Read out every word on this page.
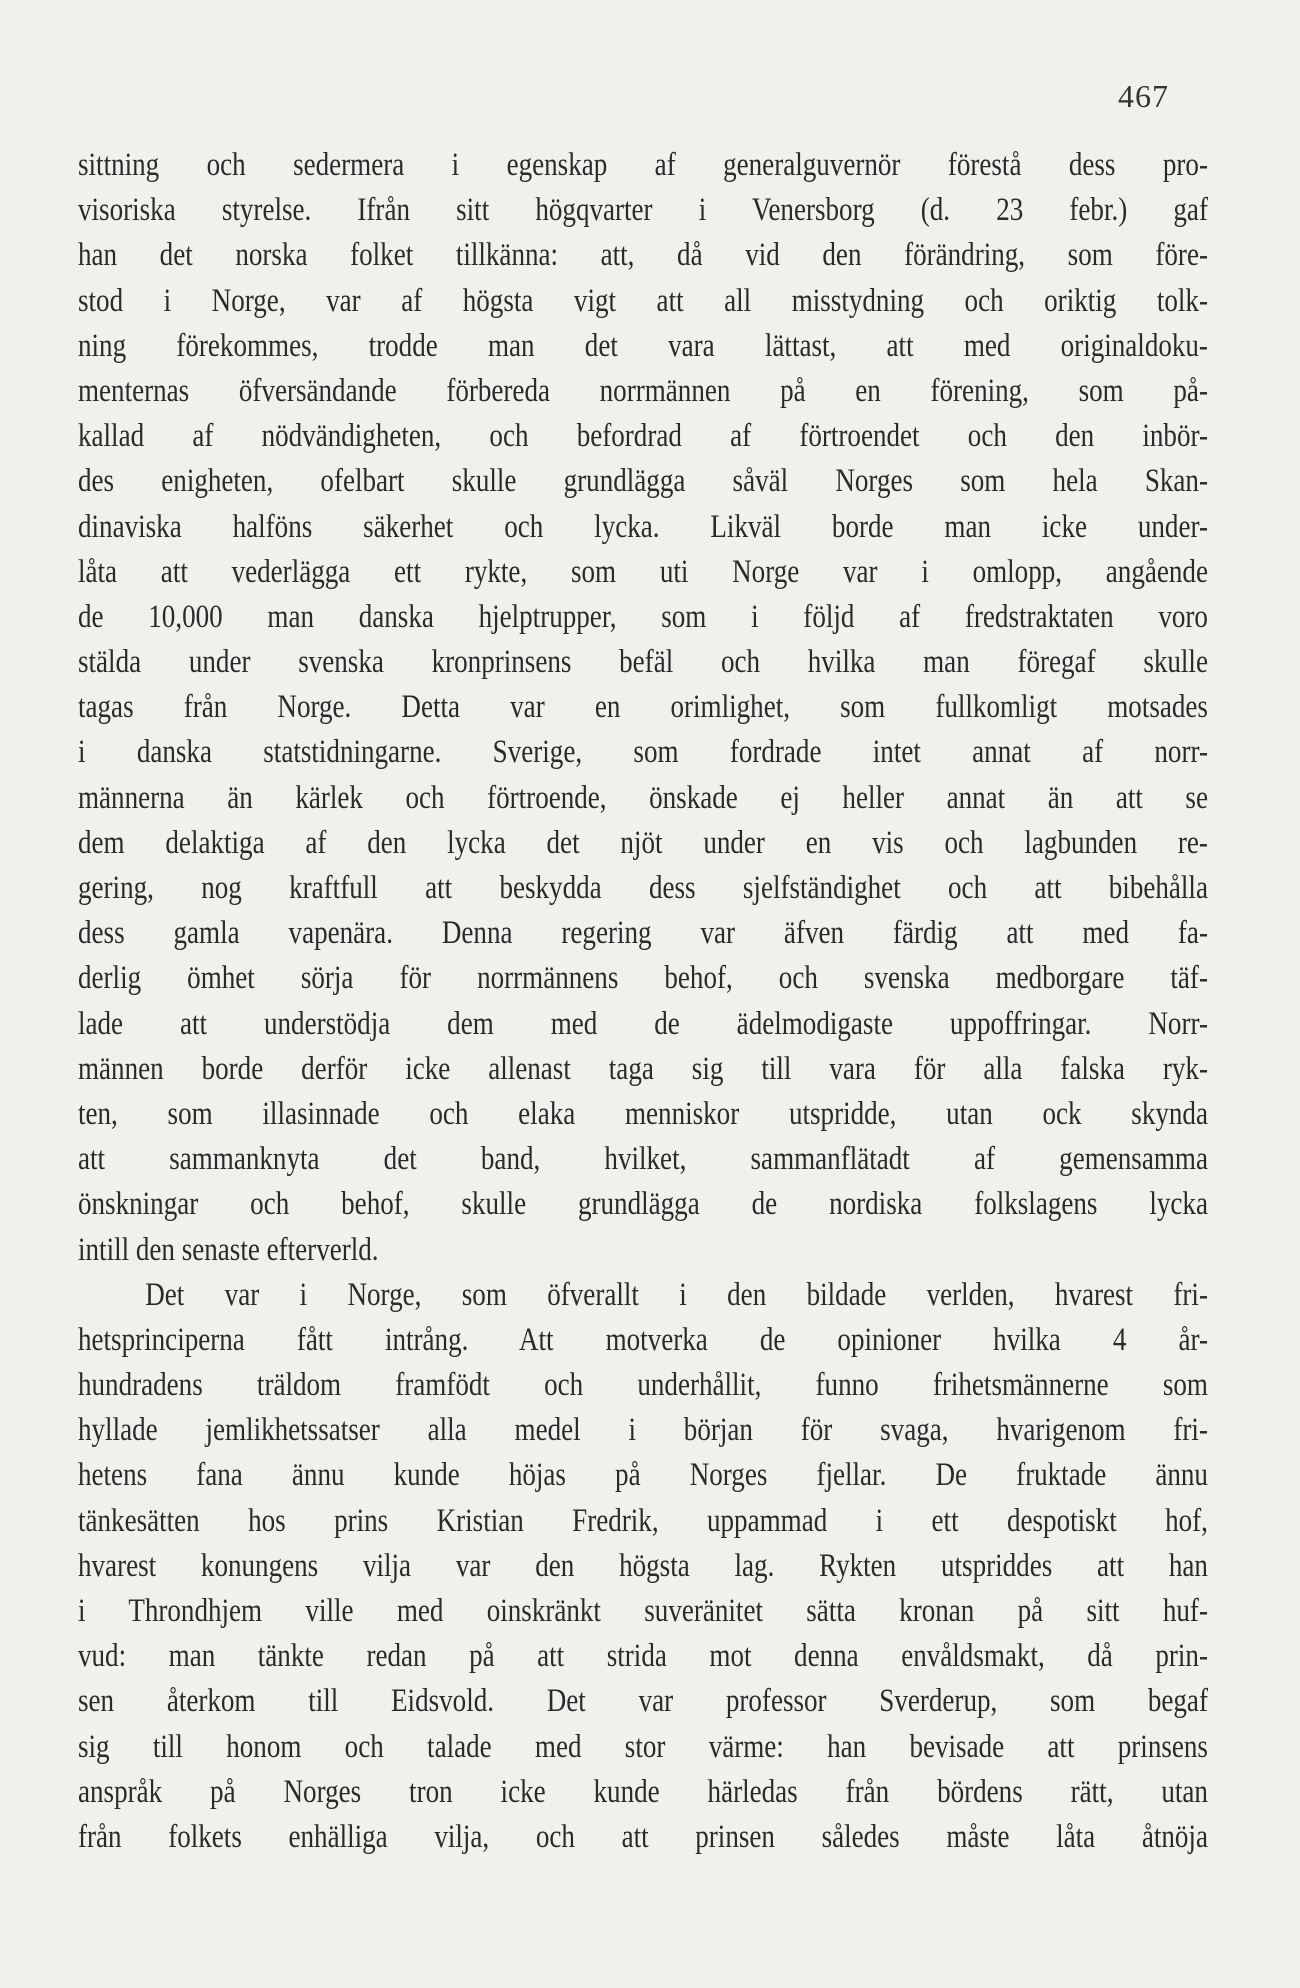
467
sittning och sedermera i egenskap af generalguvernör förestå dess pro-
visoriska styrelse. Ifrån sitt högqvarter i Venersborg (d. 23 febr.) gaf
han det norska folket tillkänna: att, då vid den förändring, som före-
stod i Norge, var af högsta vigt att all misstydning och oriktig tolk-
ning förekommes, trodde man det vara lättast, att med originaldoku-
menternas öfversändande förbereda norrmännen på en förening, som på-
kallad af nödvändigheten, och befordrad af förtroendet och den inbör-
des enigheten, ofelbart skulle grundlägga såväl Norges som hela Skan-
dinaviska halföns säkerhet och lycka. Likväl borde man icke under-
låta att vederlägga ett rykte, som uti Norge var i omlopp, angående
de 10,000 man danska hjelptrupper, som i följd af fredstraktaten voro
stälda under svenska kronprinsens befäl och hvilka man föregaf skulle
tagas från Norge. Detta var en orimlighet, som fullkomligt motsades
i danska statstidningarne. Sverige, som fordrade intet annat af norr-
männerna än kärlek och förtroende, önskade ej heller annat än att se
dem delaktiga af den lycka det njöt under en vis och lagbunden re-
gering, nog kraftfull att beskydda dess sjelfständighet och att bibehålla
dess gamla vapenära. Denna regering var äfven färdig att med fa-
derlig ömhet sörja för norrmännens behof, och svenska medborgare täf-
lade att understödja dem med de ädelmodigaste uppoffringar. Norr-
männen borde derför icke allenast taga sig till vara för alla falska ryk-
ten, som illasinnade och elaka menniskor utspridde, utan ock skynda
att sammanknyta det band, hvilket, sammanflätadt af gemensamma
önskningar och behof, skulle grundlägga de nordiska folkslagens lycka
intill den senaste efterverld.
Det var i Norge, som öfverallt i den bildade verlden, hvarest fri-
hetsprinciperna fått intrång. Att motverka de opinioner hvilka 4 år-
hundradens träldom framfödt och underhållit, funno frihetsmännerne som
hyllade jemlikhetssatser alla medel i början för svaga, hvarigenom fri-
hetens fana ännu kunde höjas på Norges fjellar. De fruktade ännu
tänkesätten hos prins Kristian Fredrik, uppammad i ett despotiskt hof,
hvarest konungens vilja var den högsta lag. Rykten utspriddes att han
i Throndhjem ville med oinskränkt suveränitet sätta kronan på sitt huf-
vud: man tänkte redan på att strida mot denna envåldsmakt, då prin-
sen återkom till Eidsvold. Det var professor Sverderup, som begaf
sig till honom och talade med stor värme: han bevisade att prinsens
anspråk på Norges tron icke kunde härledas från bördens rätt, utan
från folkets enhälliga vilja, och att prinsen således måste låta åtnöja
